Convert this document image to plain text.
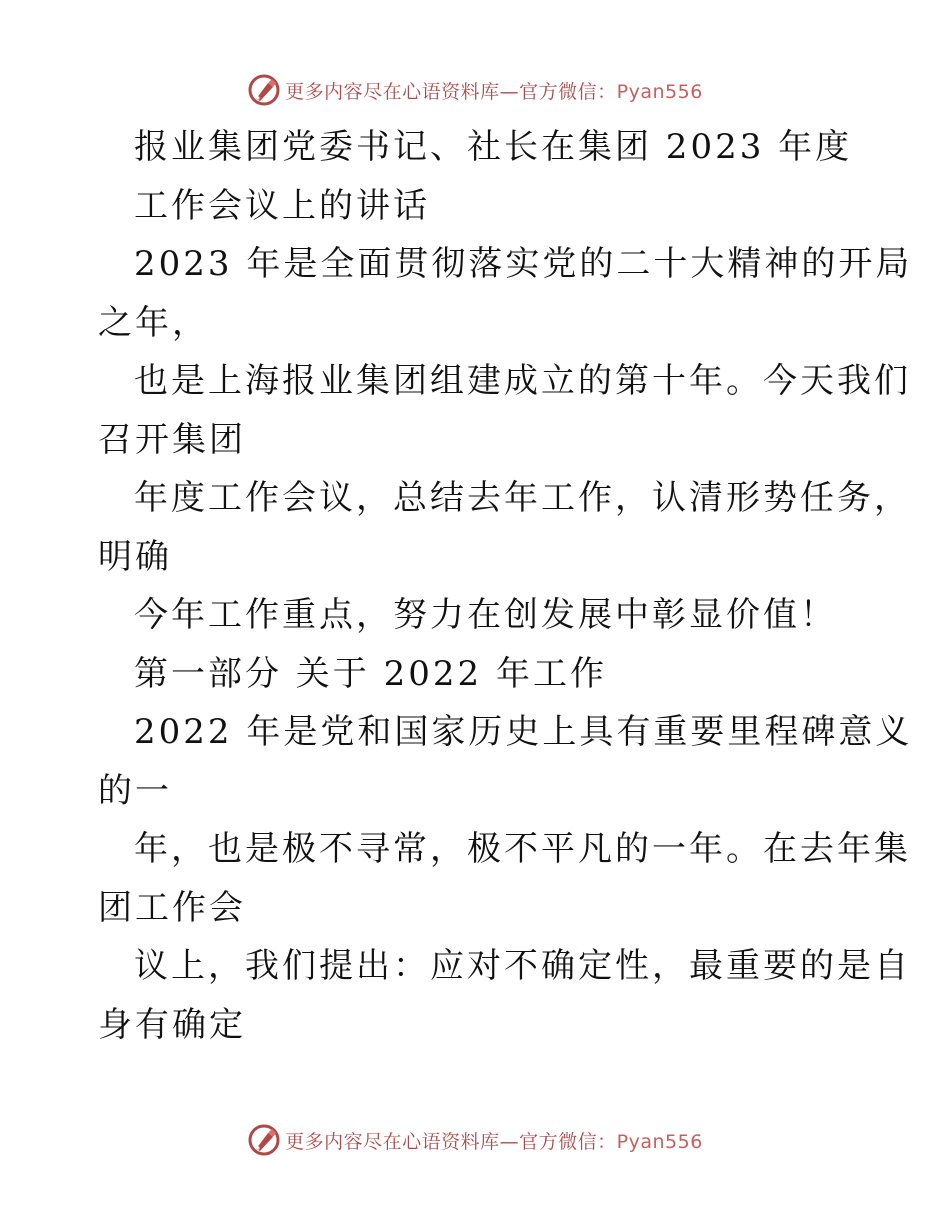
更多内容尽在心语资料库—官方微信：Pyan556
报业集团党委书记、社长在集团 2023 年度
工作会议上的讲话
2023 年是全面贯彻落实党的二十大精神的开局
之年，
也是上海报业集团组建成立的第十年。今天我们
召开集团
年度工作会议，总结去年工作，认清形势任务，
明确
今年工作重点，努力在创发展中彰显价值！
第一部分 关于 2022 年工作
2022 年是党和国家历史上具有重要里程碑意义
的一
年，也是极不寻常，极不平凡的一年。在去年集
团工作会
议上，我们提出：应对不确定性，最重要的是自
身有确定
更多内容尽在心语资料库—官方微信：Pyan556
